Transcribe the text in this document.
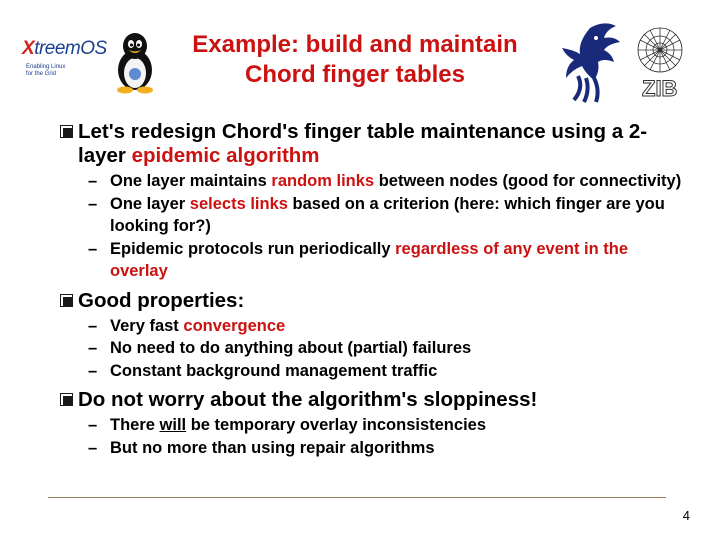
XtreemOS
Enabling Linux
for the Grid
Example: build and maintain
Chord finger tables
ZIB
Let's redesign Chord's finger table maintenance using a 2-layer epidemic algorithm
– One layer maintains random links between nodes (good for connectivity)
– One layer selects links based on a criterion (here: which finger are you looking for?)
– Epidemic protocols run periodically regardless of any event in the overlay
Good properties:
– Very fast convergence
– No need to do anything about (partial) failures
– Constant background management traffic
Do not worry about the algorithm's sloppiness!
– There will be temporary overlay inconsistencies
– But no more than using repair algorithms
4
